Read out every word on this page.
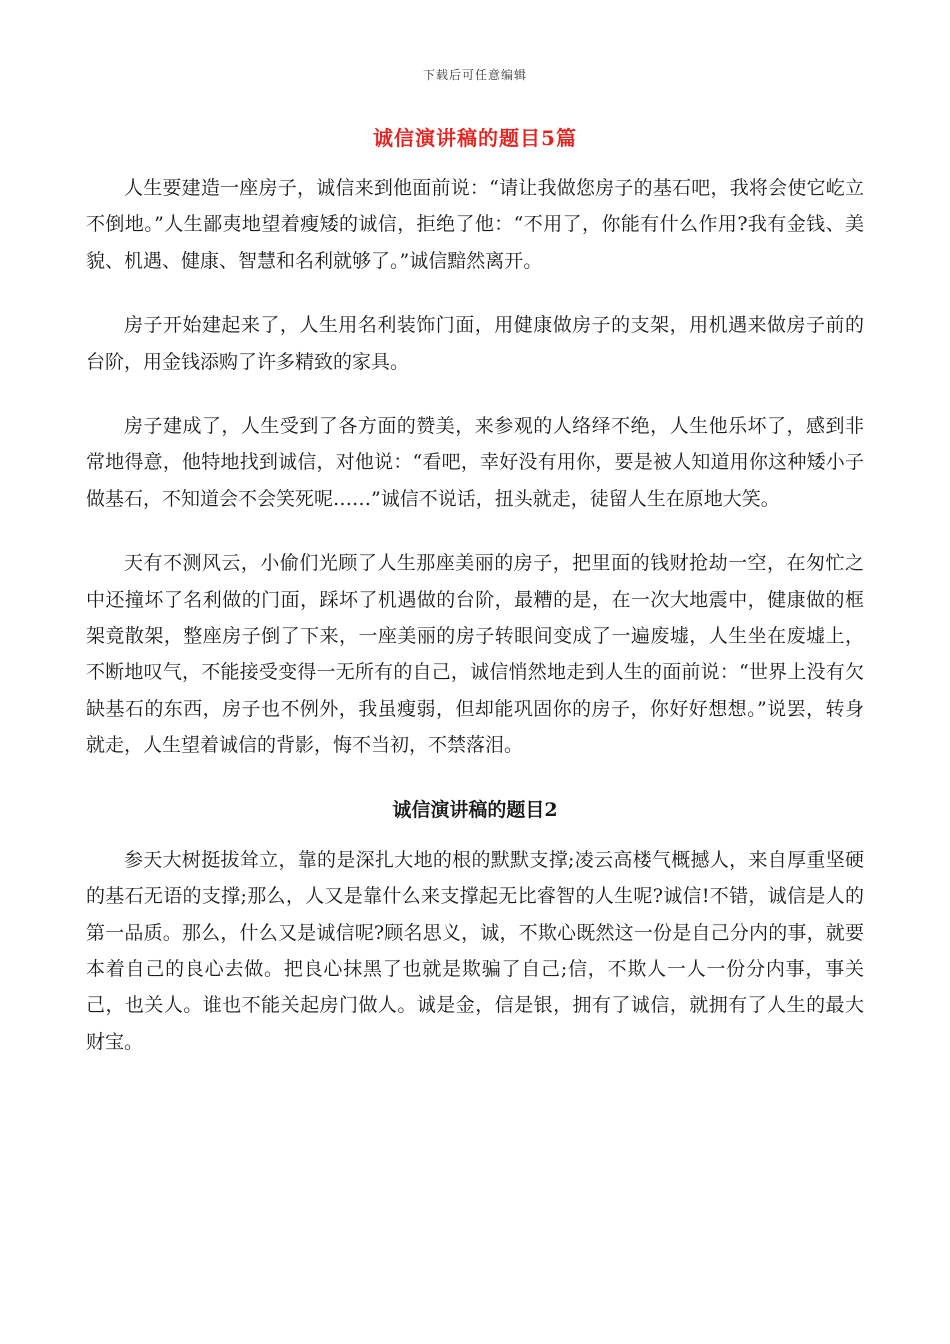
下载后可任意编辑
诚信演讲稿的题目5篇

人生要建造一座房子，诚信来到他面前说：“请让我做您房子的基石吧，我将会使它屹立不倒地。”人生鄙夷地望着瘦矮的诚信，拒绝了他：“不用了，你能有什么作用?我有金钱、美貌、机遇、健康、智慧和名利就够了。”诚信黯然离开。

房子开始建起来了，人生用名利装饰门面，用健康做房子的支架，用机遇来做房子前的台阶，用金钱添购了许多精致的家具。

房子建成了，人生受到了各方面的赞美，来参观的人络绎不绝，人生他乐坏了，感到非常地得意，他特地找到诚信，对他说：“看吧，幸好没有用你，要是被人知道用你这种矮小子做基石，不知道会不会笑死呢……”诚信不说话，扭头就走，徒留人生在原地大笑。

天有不测风云，小偷们光顾了人生那座美丽的房子，把里面的钱财抢劫一空，在匆忙之中还撞坏了名利做的门面，踩坏了机遇做的台阶，最糟的是，在一次大地震中，健康做的框架竟散架，整座房子倒了下来，一座美丽的房子转眼间变成了一遍废墟，人生坐在废墟上，不断地叹气，不能接受变得一无所有的自己，诚信悄然地走到人生的面前说：“世界上没有欠缺基石的东西，房子也不例外，我虽瘦弱，但却能巩固你的房子，你好好想想。”说罢，转身就走，人生望着诚信的背影，悔不当初，不禁落泪。

诚信演讲稿的题目2

参天大树挺拔耸立，靠的是深扎大地的根的默默支撑;凌云高楼气概撼人，来自厚重坚硬的基石无语的支撑;那么，人又是靠什么来支撑起无比睿智的人生呢?诚信!不错，诚信是人的第一品质。那么，什么又是诚信呢?顾名思义，诚，不欺心既然这一份是自己分内的事，就要本着自己的良心去做。把良心抹黑了也就是欺骗了自己;信，不欺人一人一份分内事，事关己，也关人。谁也不能关起房门做人。诚是金，信是银，拥有了诚信，就拥有了人生的最大财宝。
